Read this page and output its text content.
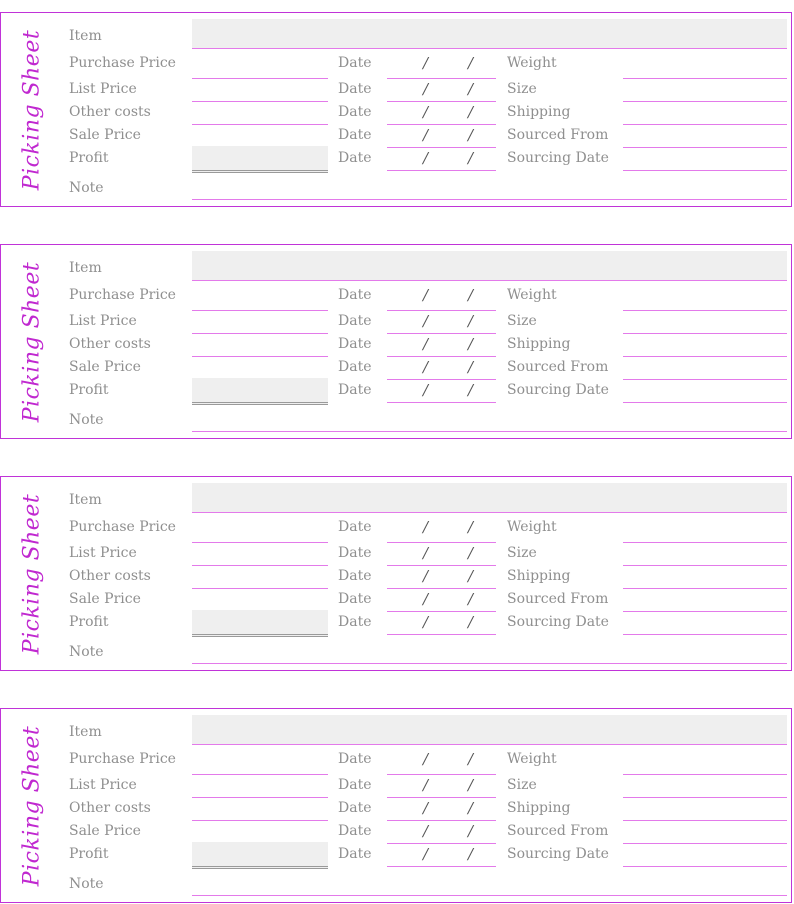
Picking Sheet Item
Purchase Price	Date	/	/ Weight
List Price	Date	/	/ Size
Other costs	Date	/	/ Shipping
Sale Price	Date	/	/ Sourced From
Profit	Date	/	/ Sourcing Date
Note
Picking Sheet Item
Purchase Price	Date	/	/ Weight
List Price	Date	/	/ Size
Other costs	Date	/	/ Shipping
Sale Price	Date	/	/ Sourced From
Profit	Date	/	/ Sourcing Date
Note
Picking Sheet Item
Purchase Price	Date	/	/ Weight
List Price	Date	/	/ Size
Other costs	Date	/	/ Shipping
Sale Price	Date	/	/ Sourced From
Profit	Date	/	/ Sourcing Date
Note
Picking Sheet Item
Purchase Price	Date	/	/ Weight
List Price	Date	/	/ Size
Other costs	Date	/	/ Shipping
Sale Price	Date	/	/ Sourced From
Profit	Date	/	/ Sourcing Date
Note
